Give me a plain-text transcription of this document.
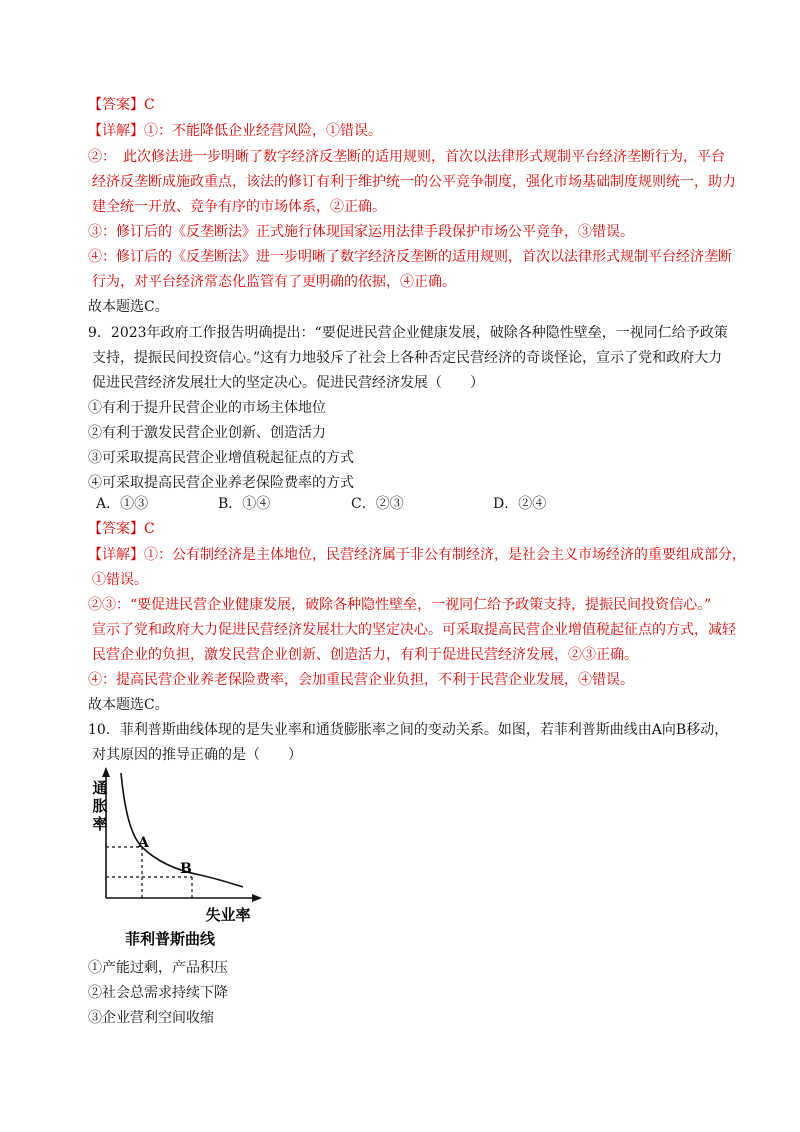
【答案】C
【详解】①：不能降低企业经营风险，①错误。
②：　此次修法进一步明晰了数字经济反垄断的适用规则，首次以法律形式规制平台经济垄断行为，平台
经济反垄断成施政重点，该法的修订有利于维护统一的公平竞争制度，强化市场基础制度规则统一，助力
建全统一开放、竞争有序的市场体系，②正确。
③：修订后的《反垄断法》正式施行体现国家运用法律手段保护市场公平竞争，③错误。
④：修订后的《反垄断法》进一步明晰了数字经济反垄断的适用规则，首次以法律形式规制平台经济垄断
行为，对平台经济常态化监管有了更明确的依据，④正确。
故本题选C。
9．2023年政府工作报告明确提出：“要促进民营企业健康发展，破除各种隐性壁垒，一视同仁给予政策
支持，提振民间投资信心。”这有力地驳斥了社会上各种否定民营经济的奇谈怪论，宣示了党和政府大力
促进民营经济发展壮大的坚定决心。促进民营经济发展（　　）
①有利于提升民营企业的市场主体地位
②有利于激发民营企业创新、创造活力
③可采取提高民营企业增值税起征点的方式
④可采取提高民营企业养老保险费率的方式
A．①③	B．①④	C．②③	D．②④
【答案】C
【详解】①：公有制经济是主体地位，民营经济属于非公有制经济，是社会主义市场经济的重要组成部分，
①错误。
②③：“要促进民营企业健康发展，破除各种隐性壁垒，一视同仁给予政策支持，提振民间投资信心。”
宣示了党和政府大力促进民营经济发展壮大的坚定决心。可采取提高民营企业增值税起征点的方式，减轻
民营企业的负担，激发民营企业创新、创造活力，有利于促进民营经济发展，②③正确。
④：提高民营企业养老保险费率，会加重民营企业负担，不利于民营企业发展，④错误。
故本题选C。
10．菲利普斯曲线体现的是失业率和通货膨胀率之间的变动关系。如图，若菲利普斯曲线由A向B移动，
对其原因的推导正确的是（　　）
通
胀
率
A
B
失业率
菲利普斯曲线
①产能过剩，产品积压
②社会总需求持续下降
③企业营利空间收缩
